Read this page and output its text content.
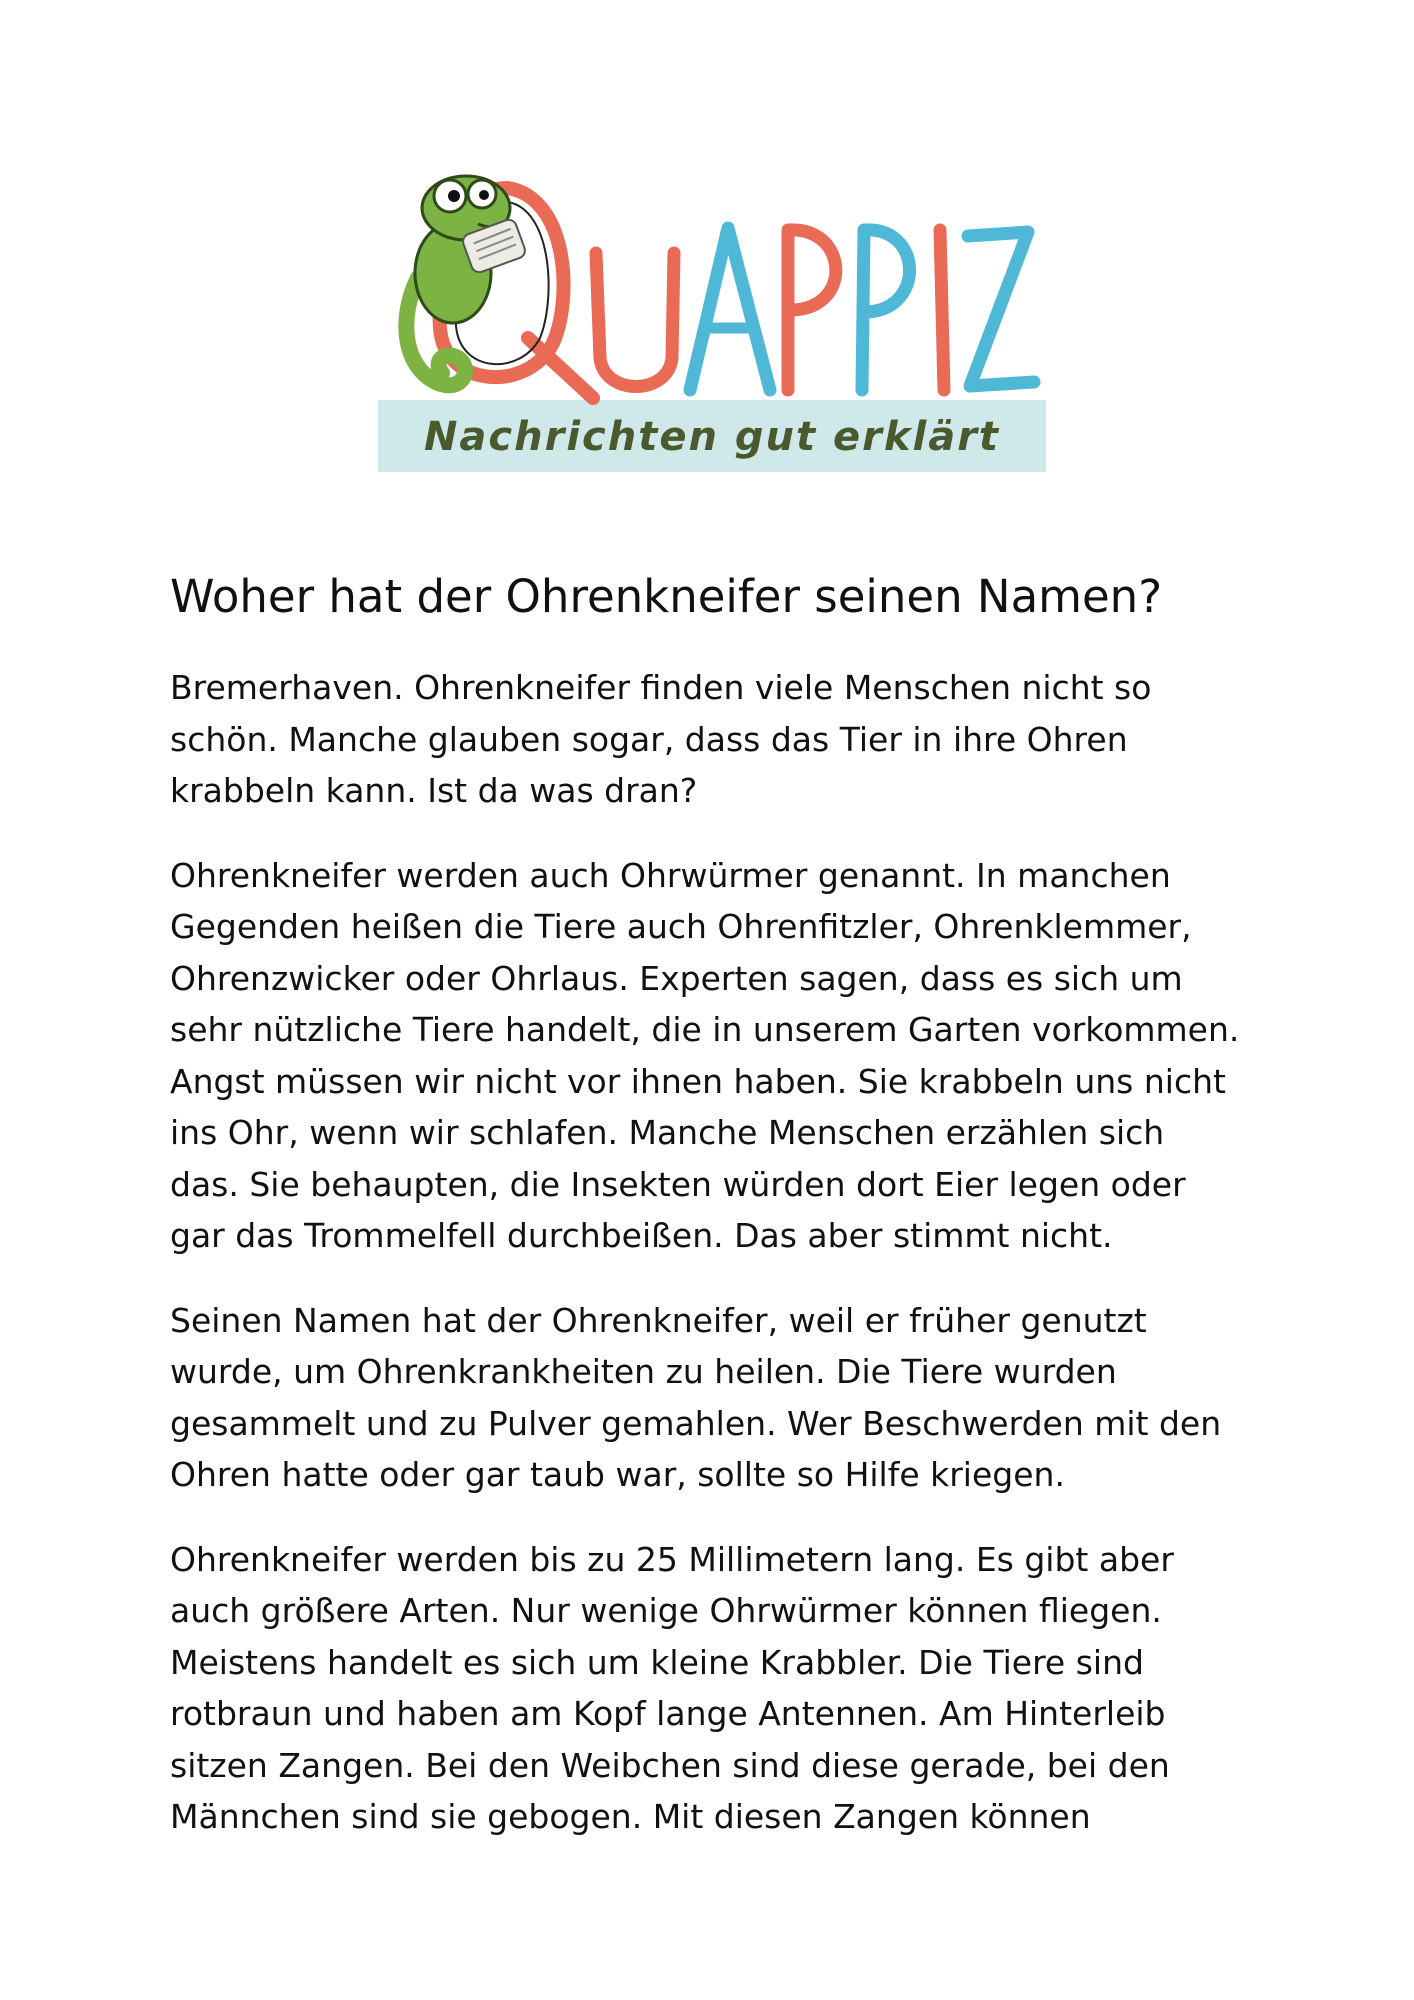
Nachrichten gut erklärt
QUAPPIZ
Woher hat der Ohrenkneifer seinen Namen?
Bremerhaven. Ohrenkneifer finden viele Menschen nicht so
schön. Manche glauben sogar, dass das Tier in ihre Ohren
krabbeln kann. Ist da was dran?
Ohrenkneifer werden auch Ohrwürmer genannt. In manchen
Gegenden heißen die Tiere auch Ohrenfitzler, Ohrenklemmer,
Ohrenzwicker oder Ohrlaus. Experten sagen, dass es sich um
sehr nützliche Tiere handelt, die in unserem Garten vorkommen.
Angst müssen wir nicht vor ihnen haben. Sie krabbeln uns nicht
ins Ohr, wenn wir schlafen. Manche Menschen erzählen sich
das. Sie behaupten, die Insekten würden dort Eier legen oder
gar das Trommelfell durchbeißen. Das aber stimmt nicht.
Seinen Namen hat der Ohrenkneifer, weil er früher genutzt
wurde, um Ohrenkrankheiten zu heilen. Die Tiere wurden
gesammelt und zu Pulver gemahlen. Wer Beschwerden mit den
Ohren hatte oder gar taub war, sollte so Hilfe kriegen.
Ohrenkneifer werden bis zu 25 Millimetern lang. Es gibt aber
auch größere Arten. Nur wenige Ohrwürmer können fliegen.
Meistens handelt es sich um kleine Krabbler. Die Tiere sind
rotbraun und haben am Kopf lange Antennen. Am Hinterleib
sitzen Zangen. Bei den Weibchen sind diese gerade, bei den
Männchen sind sie gebogen. Mit diesen Zangen können
